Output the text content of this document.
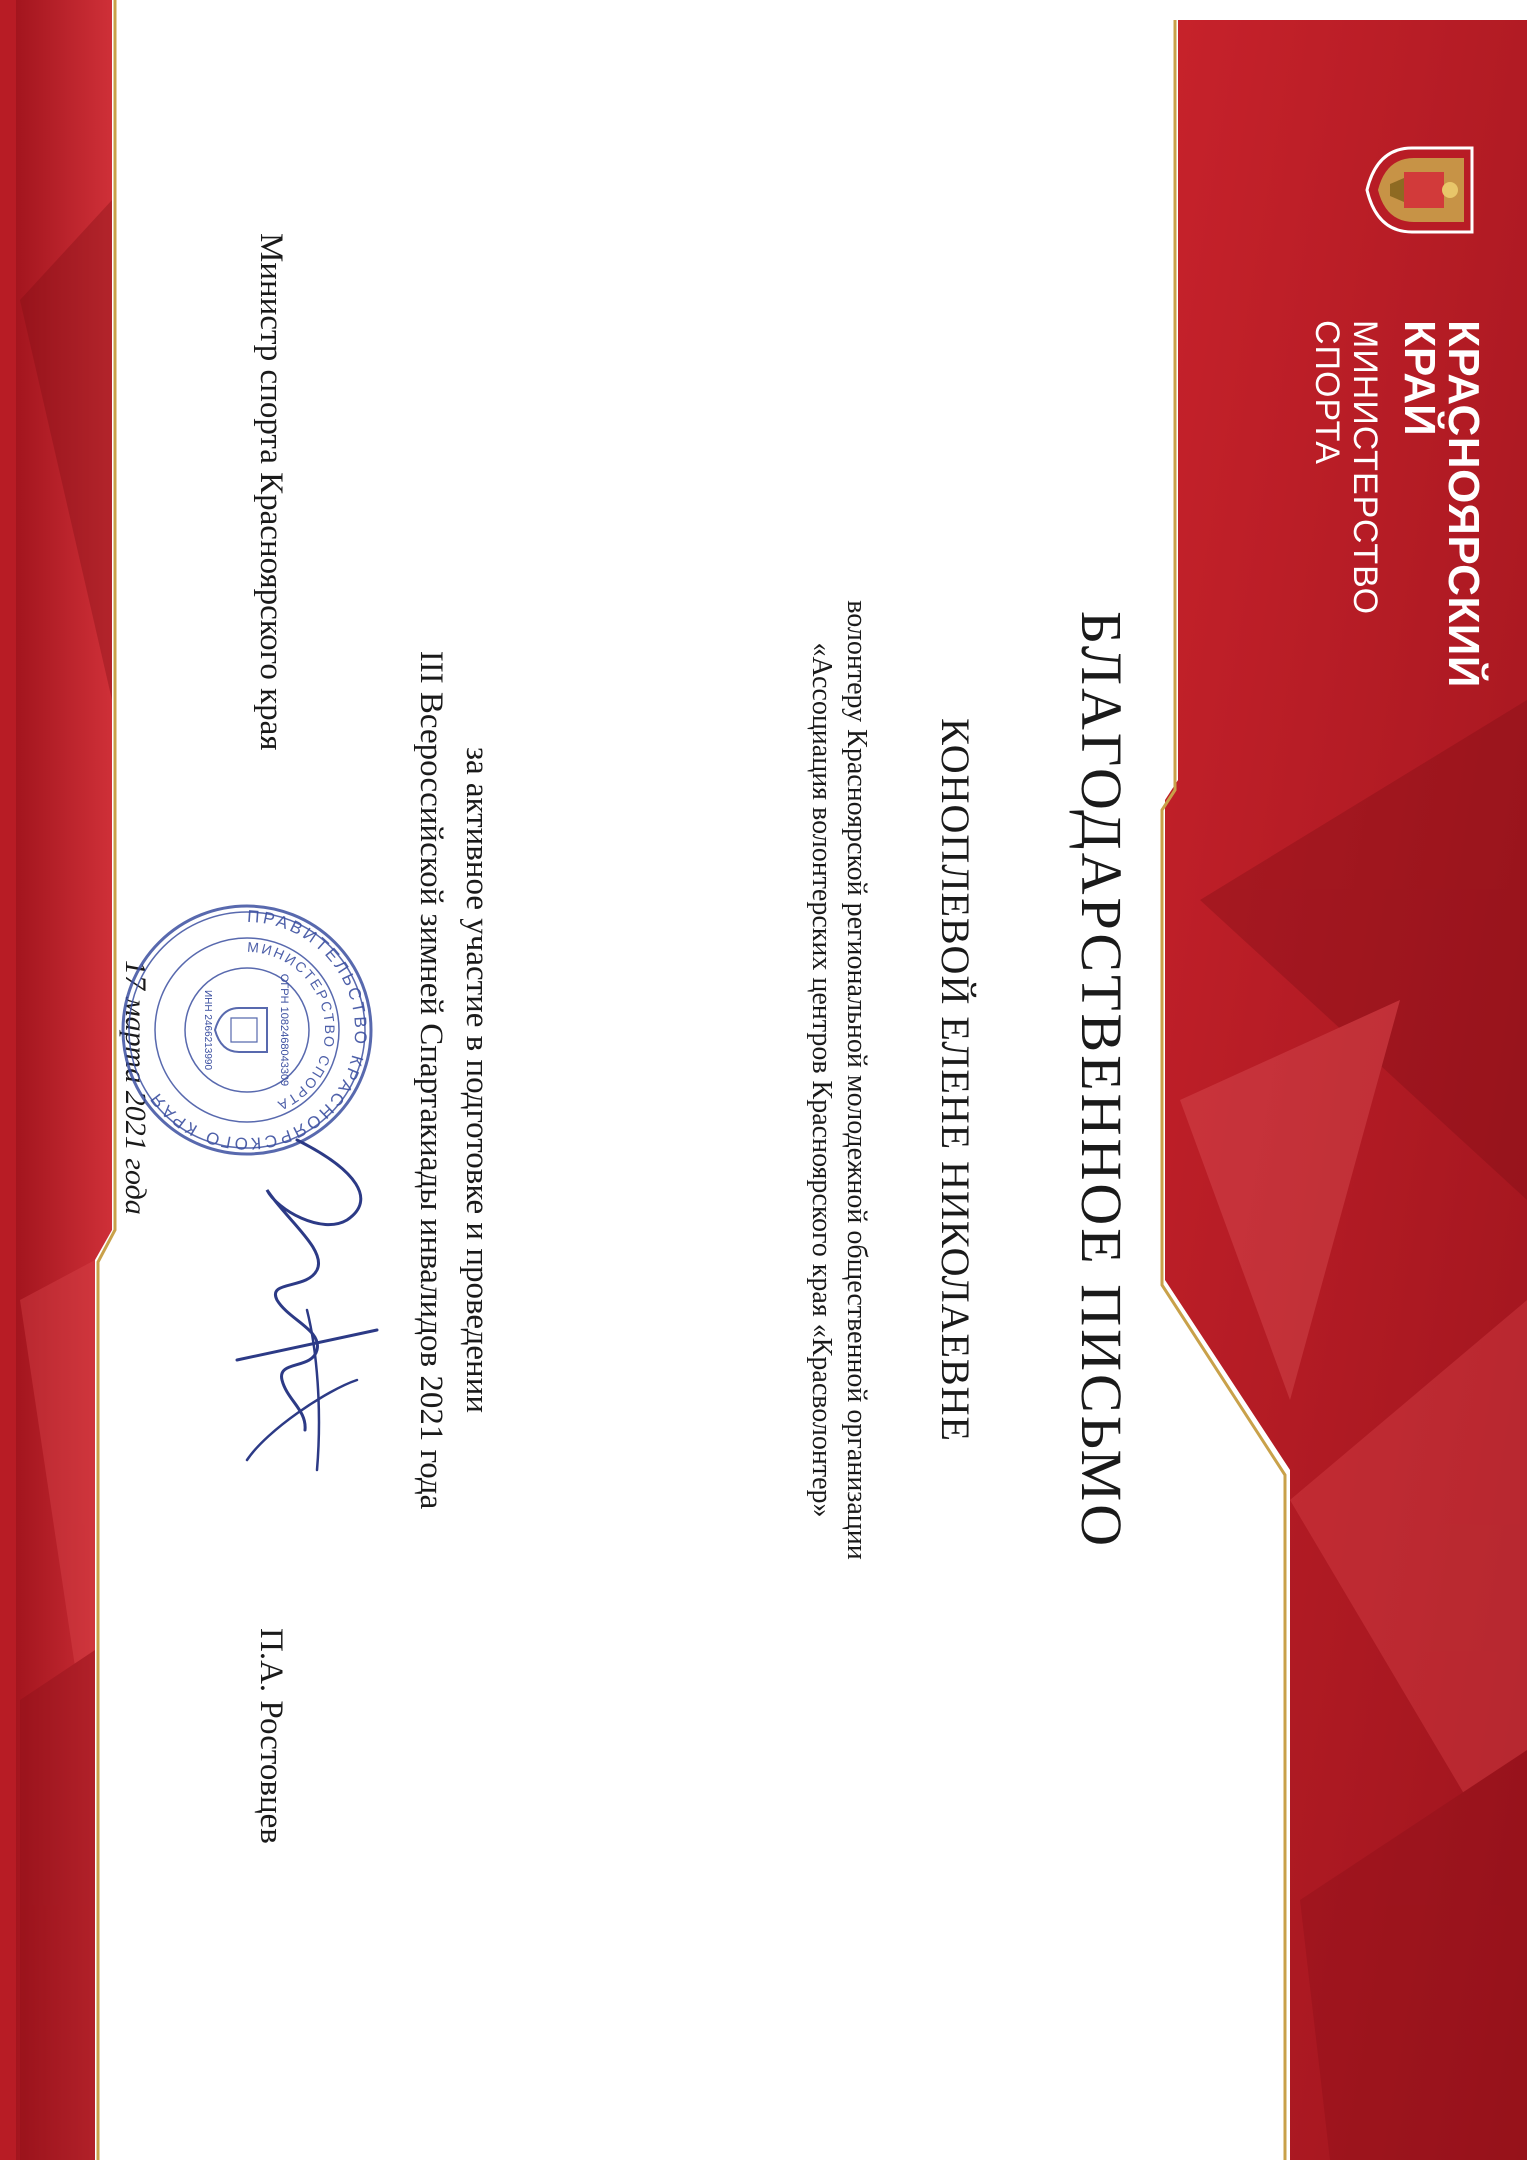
КРАСНОЯРСКИЙ
КРАЙ
МИНИСТЕРСТВО
СПОРТА
БЛАГОДАРСТВЕННОЕ ПИСЬМО
КОНОПЛЕВОЙ ЕЛЕНЕ НИКОЛАЕВНЕ
волонтеру Красноярской региональной молодежной общественной организации
«Ассоциация волонтерских центров Красноярского края «Красволонтер»
за активное участие в подготовке и проведении
III Всероссийской зимней Спартакиады инвалидов 2021 года
Министр спорта Красноярского края
П.А. Ростовцев
17 марта 2021 года
ПРАВИТЕЛЬСТВО КРАСНОЯРСКОГО КРАЯ
МИНИСТЕРСТВО СПОРТА
ОГРН 1082468043309
ИНН 2466213990
